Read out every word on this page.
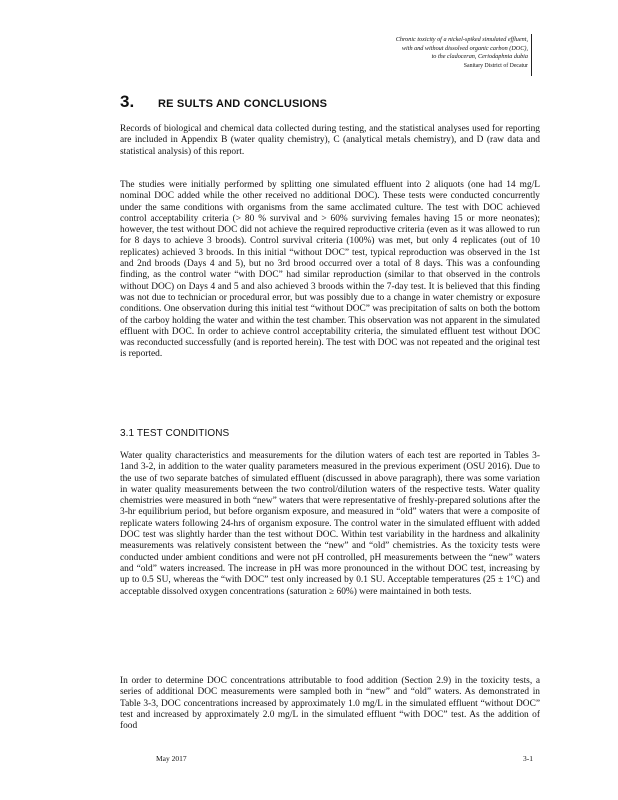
Chronic toxicity of a nickel-spiked simulated effluent,
with and without dissolved organic carbon (DOC),
to the cladoceran, Ceriodaphnia dubia
Sanitary District of Decatur
3.	RE SULTS AND CONCLUSIONS

Records of biological and chemical data collected during testing, and the statistical analyses used for reporting are included in Appendix B (water quality chemistry), C (analytical metals chemistry), and D (raw data and statistical analysis) of this report.

The studies were initially performed by splitting one simulated effluent into 2 aliquots (one had 14 mg/L nominal DOC added while the other received no additional DOC). These tests were conducted concurrently under the same conditions with organisms from the same acclimated culture. The test with DOC achieved control acceptability criteria (> 80 % survival and > 60% surviving females having 15 or more neonates); however, the test without DOC did not achieve the required reproductive criteria (even as it was allowed to run for 8 days to achieve 3 broods). Control survival criteria (100%) was met, but only 4 replicates (out of 10 replicates) achieved 3 broods. In this initial “without DOC” test, typical reproduction was observed in the 1st and 2nd broods (Days 4 and 5), but no 3rd brood occurred over a total of 8 days. This was a confounding finding, as the control water “with DOC” had similar reproduction (similar to that observed in the controls without DOC) on Days 4 and 5 and also achieved 3 broods within the 7-day test. It is believed that this finding was not due to technician or procedural error, but was possibly due to a change in water chemistry or exposure conditions. One observation during this initial test “without DOC” was precipitation of salts on both the bottom of the carboy holding the water and within the test chamber. This observation was not apparent in the simulated effluent with DOC. In order to achieve control acceptability criteria, the simulated effluent test without DOC was reconducted successfully (and is reported herein). The test with DOC was not repeated and the original test is reported.

3.1 TEST CONDITIONS

Water quality characteristics and measurements for the dilution waters of each test are reported in Tables 3-1and 3-2, in addition to the water quality parameters measured in the previous experiment (OSU 2016). Due to the use of two separate batches of simulated effluent (discussed in above paragraph), there was some variation in water quality measurements between the two control/dilution waters of the respective tests. Water quality chemistries were measured in both “new” waters that were representative of freshly-prepared solutions after the 3-hr equilibrium period, but before organism exposure, and measured in “old” waters that were a composite of replicate waters following 24-hrs of organism exposure. The control water in the simulated effluent with added DOC test was slightly harder than the test without DOC. Within test variability in the hardness and alkalinity measurements was relatively consistent between the “new” and “old” chemistries. As the toxicity tests were conducted under ambient conditions and were not pH controlled, pH measurements between the “new” waters and “old” waters increased. The increase in pH was more pronounced in the without DOC test, increasing by up to 0.5 SU, whereas the “with DOC” test only increased by 0.1 SU. Acceptable temperatures (25 ± 1°C) and acceptable dissolved oxygen concentrations (saturation ≥ 60%) were maintained in both tests.

In order to determine DOC concentrations attributable to food addition (Section 2.9) in the toxicity tests, a series of additional DOC measurements were sampled both in “new” and “old” waters. As demonstrated in Table 3-3, DOC concentrations increased by approximately 1.0 mg/L in the simulated effluent “without DOC” test and increased by approximately 2.0 mg/L in the simulated effluent “with DOC” test. As the addition of food

May 2017	3-1
